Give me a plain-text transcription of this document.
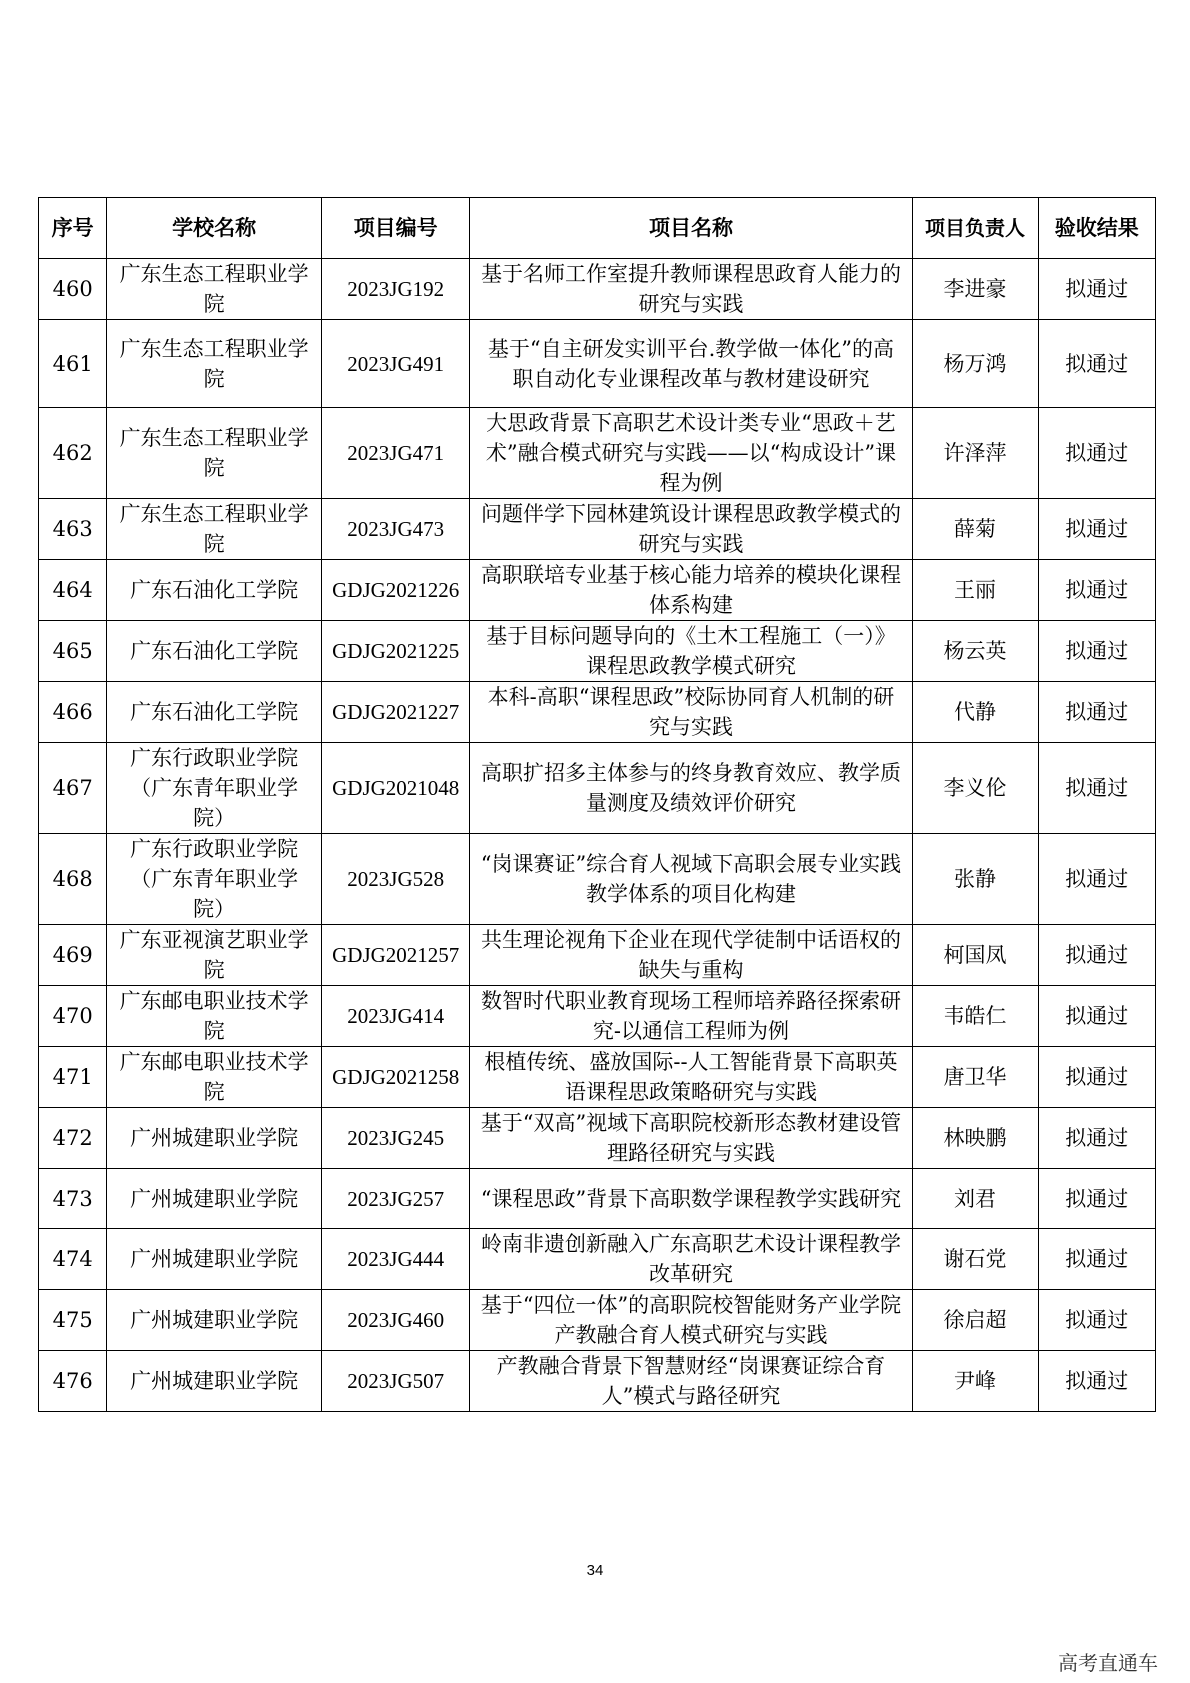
序号	学校名称	项目编号	项目名称	项目负责人	验收结果
460	广东生态工程职业学院	2023JG192	基于名师工作室提升教师课程思政育人能力的研究与实践	李进豪	拟通过
461	广东生态工程职业学院	2023JG491	基于“自主研发实训平台.教学做一体化”的高职自动化专业课程改革与教材建设研究	杨万鸿	拟通过
462	广东生态工程职业学院	2023JG471	大思政背景下高职艺术设计类专业“思政＋艺术”融合模式研究与实践——以“构成设计”课程为例	许泽萍	拟通过
463	广东生态工程职业学院	2023JG473	问题伴学下园林建筑设计课程思政教学模式的研究与实践	薛菊	拟通过
464	广东石油化工学院	GDJG2021226	高职联培专业基于核心能力培养的模块化课程体系构建	王丽	拟通过
465	广东石油化工学院	GDJG2021225	基于目标问题导向的《土木工程施工（一）》课程思政教学模式研究	杨云英	拟通过
466	广东石油化工学院	GDJG2021227	本科-高职“课程思政”校际协同育人机制的研究与实践	代静	拟通过
467	广东行政职业学院（广东青年职业学院）	GDJG2021048	高职扩招多主体参与的终身教育效应、教学质量测度及绩效评价研究	李义伦	拟通过
468	广东行政职业学院（广东青年职业学院）	2023JG528	“岗课赛证”综合育人视域下高职会展专业实践教学体系的项目化构建	张静	拟通过
469	广东亚视演艺职业学院	GDJG2021257	共生理论视角下企业在现代学徒制中话语权的缺失与重构	柯国凤	拟通过
470	广东邮电职业技术学院	2023JG414	数智时代职业教育现场工程师培养路径探索研究-以通信工程师为例	韦皓仁	拟通过
471	广东邮电职业技术学院	GDJG2021258	根植传统、盛放国际--人工智能背景下高职英语课程思政策略研究与实践	唐卫华	拟通过
472	广州城建职业学院	2023JG245	基于“双高”视域下高职院校新形态教材建设管理路径研究与实践	林映鹏	拟通过
473	广州城建职业学院	2023JG257	“课程思政”背景下高职数学课程教学实践研究	刘君	拟通过
474	广州城建职业学院	2023JG444	岭南非遗创新融入广东高职艺术设计课程教学改革研究	谢石党	拟通过
475	广州城建职业学院	2023JG460	基于“四位一体”的高职院校智能财务产业学院产教融合育人模式研究与实践	徐启超	拟通过
476	广州城建职业学院	2023JG507	产教融合背景下智慧财经“岗课赛证综合育人”模式与路径研究	尹峰	拟通过
34
高考直通车
